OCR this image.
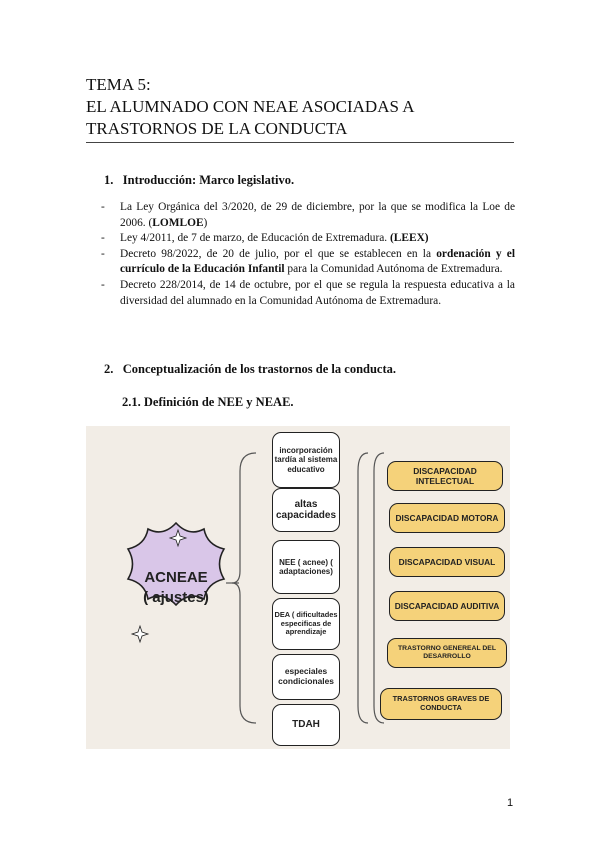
TEMA 5:
EL ALUMNADO CON NEAE ASOCIADAS A
TRASTORNOS DE LA CONDUCTA
1. Introducción: Marco legislativo.
- La Ley Orgánica del 3/2020, de 29 de diciembre, por la que se modifica la Loe de 2006. (LOMLOE)
- Ley 4/2011, de 7 de marzo, de Educación de Extremadura. (LEEX)
- Decreto 98/2022, de 20 de julio, por el que se establecen en la ordenación y el currículo de la Educación Infantil para la Comunidad Autónoma de Extremadura.
- Decreto 228/2014, de 14 de octubre, por el que se regula la respuesta educativa a la diversidad del alumnado en la Comunidad Autónoma de Extremadura.
2. Conceptualización de los trastornos de la conducta.
2.1. Definición de NEE y NEAE.
ACNEAE
( ajustes)
incorporación tardía al sistema educativo
altas capacidades
NEE ( acnee) ( adaptaciones)
DEA ( dificultades especificas de aprendizaje
especiales condicionales
TDAH
DISCAPACIDAD INTELECTUAL
DISCAPACIDAD MOTORA
DISCAPACIDAD VISUAL
DISCAPACIDAD AUDITIVA
TRASTORNO GENEREAL DEL DESARROLLO
TRASTORNOS GRAVES DE CONDUCTA
1
